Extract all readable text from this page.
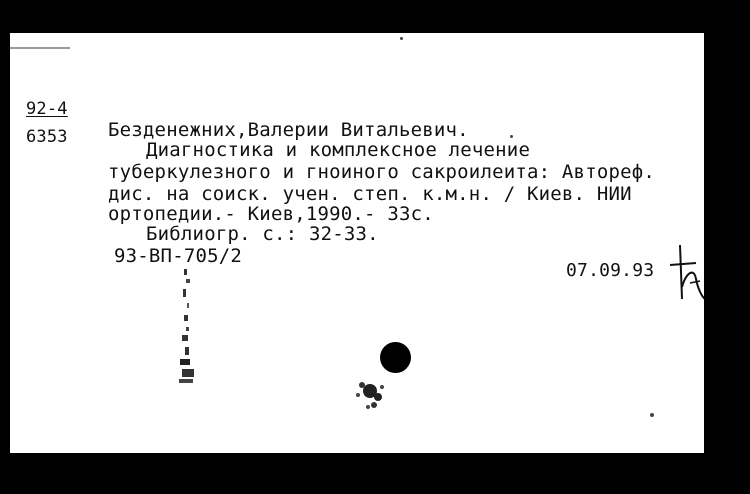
92-4
6353 Безденежних,Валерии Витальевич.
Диагностика и комплексное лечение
туберкулезного и гноиного сакроилеита: Автореф.
дис. на соиск. учен. степ. к.м.н. / Киев. НИИ
ортопедии.- Киев,1990.- 33с.
Библиогр. с.: 32-33.
93-ВП-705/2
07.09.93
